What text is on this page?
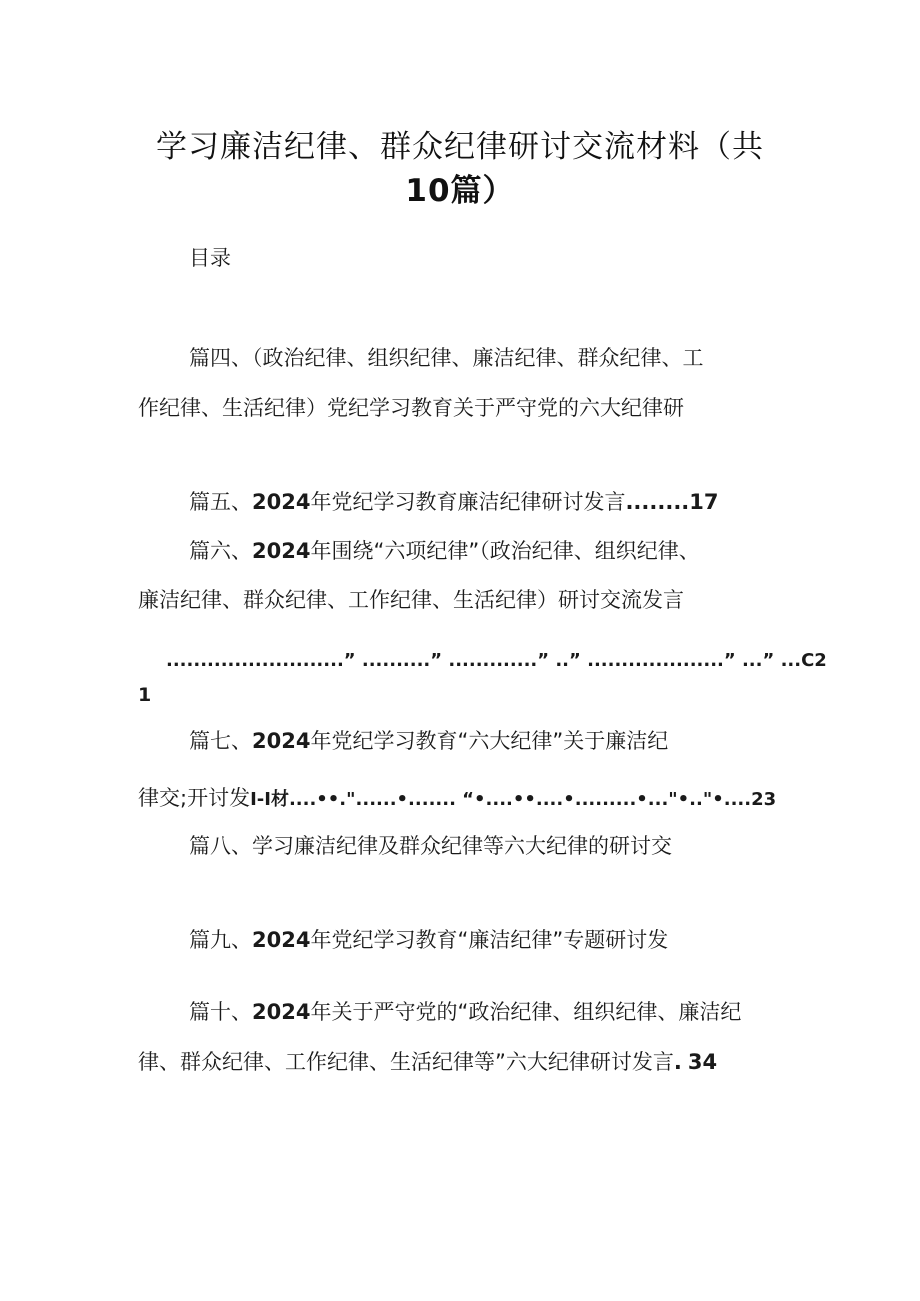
学习廉洁纪律、群众纪律研讨交流材料（共
10篇）
目录
篇四、（政治纪律、组织纪律、廉洁纪律、群众纪律、工
作纪律、生活纪律）党纪学习教育关于严守党的六大纪律研
篇五、2024年党纪学习教育廉洁纪律研讨发言........17
篇六、2024年围绕“六项纪律”（政治纪律、组织纪律、
廉洁纪律、群众纪律、工作纪律、生活纪律）研讨交流发言
..........................” ..........” .............” ..” ....................” ...” ...C2
1
篇七、2024年党纪学习教育“六大纪律”关于廉洁纪
律交;开讨发I-I材....••."......•....... “•....••....•.........•..."•.."•....23
篇八、学习廉洁纪律及群众纪律等六大纪律的研讨交
篇九、2024年党纪学习教育“廉洁纪律”专题研讨发
篇十、2024年关于严守党的“政治纪律、组织纪律、廉洁纪
律、群众纪律、工作纪律、生活纪律等”六大纪律研讨发言. 34
